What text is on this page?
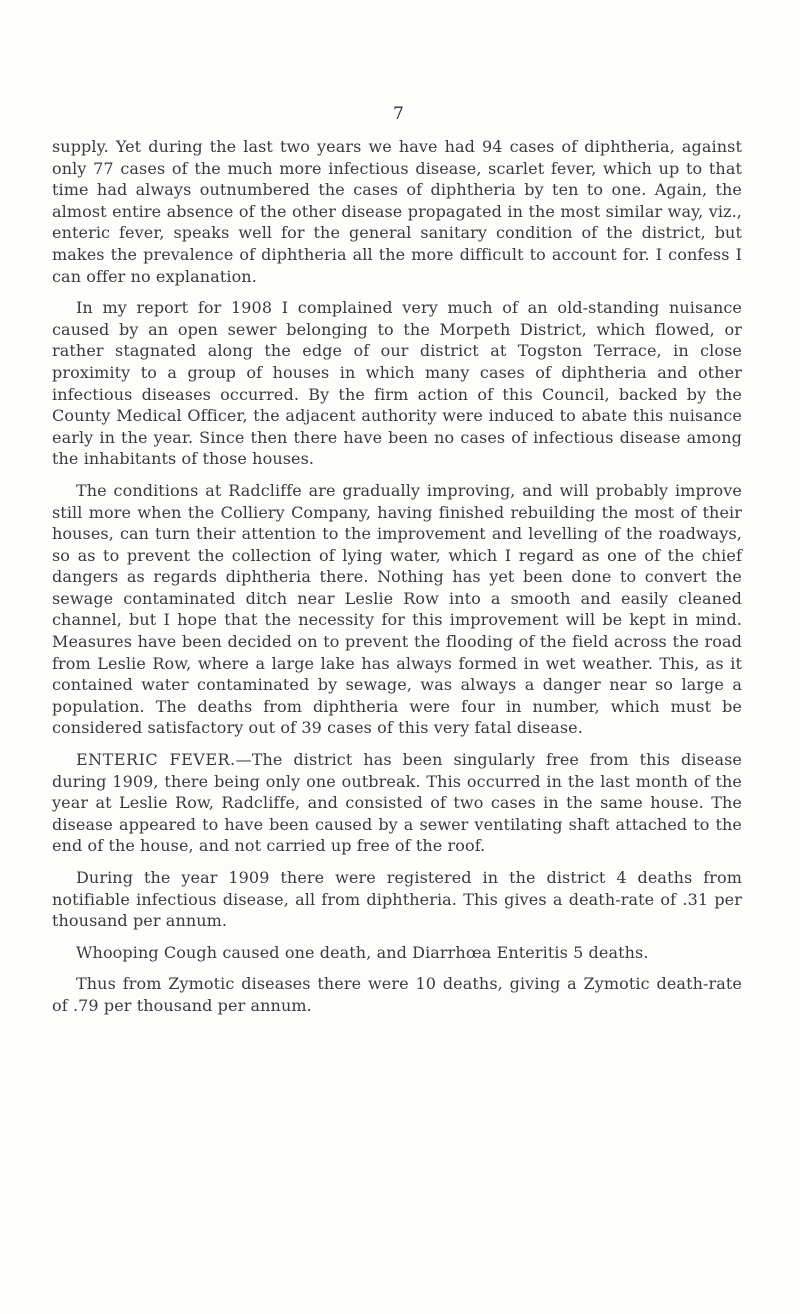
7

supply. Yet during the last two years we have had 94 cases of diphtheria, against only 77 cases of the much more infectious disease, scarlet fever, which up to that time had always outnumbered the cases of diphtheria by ten to one. Again, the almost entire absence of the other disease propagated in the most similar way, viz., enteric fever, speaks well for the general sanitary condition of the district, but makes the prevalence of diphtheria all the more difficult to account for. I confess I can offer no explanation.

In my report for 1908 I complained very much of an old-standing nuisance caused by an open sewer belonging to the Morpeth District, which flowed, or rather stagnated along the edge of our district at Togston Terrace, in close proximity to a group of houses in which many cases of diphtheria and other infectious diseases occurred. By the firm action of this Council, backed by the County Medical Officer, the adjacent authority were induced to abate this nuisance early in the year. Since then there have been no cases of infectious disease among the inhabitants of those houses.

The conditions at Radcliffe are gradually improving, and will probably improve still more when the Colliery Company, having finished rebuilding the most of their houses, can turn their attention to the improvement and levelling of the roadways, so as to prevent the collection of lying water, which I regard as one of the chief dangers as regards diphtheria there. Nothing has yet been done to convert the sewage contaminated ditch near Leslie Row into a smooth and easily cleaned channel, but I hope that the necessity for this improvement will be kept in mind. Measures have been decided on to prevent the flooding of the field across the road from Leslie Row, where a large lake has always formed in wet weather. This, as it contained water contaminated by sewage, was always a danger near so large a population. The deaths from diphtheria were four in number, which must be considered satisfactory out of 39 cases of this very fatal disease.

ENTERIC FEVER.—The district has been singularly free from this disease during 1909, there being only one outbreak. This occurred in the last month of the year at Leslie Row, Radcliffe, and consisted of two cases in the same house. The disease appeared to have been caused by a sewer ventilating shaft attached to the end of the house, and not carried up free of the roof.

During the year 1909 there were registered in the district 4 deaths from notifiable infectious disease, all from diphtheria. This gives a death-rate of .31 per thousand per annum.

Whooping Cough caused one death, and Diarrhœa Enteritis 5 deaths.

Thus from Zymotic diseases there were 10 deaths, giving a Zymotic death-rate of .79 per thousand per annum.
